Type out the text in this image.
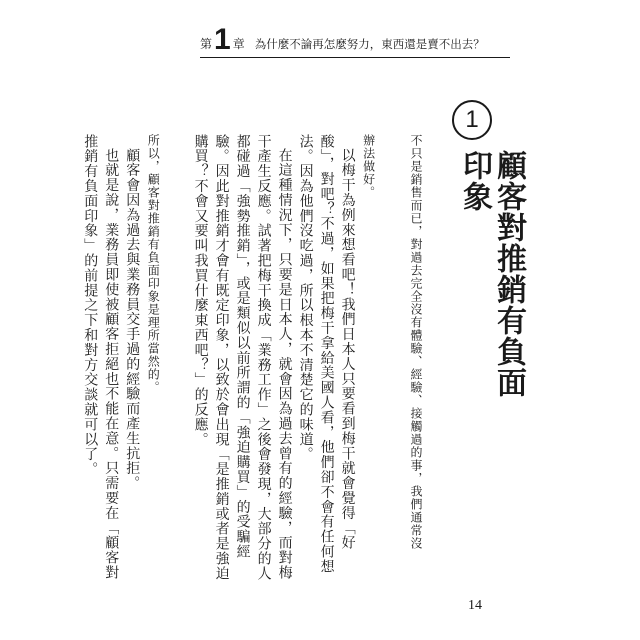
第 1 章 為什麼不論再怎麼努力，東西還是賣不出去？
1
顧客對推銷有負面印象

不只是銷售而已，對過去完全沒有體驗、經驗、接觸過的事，我們通常沒

辦法做好。

以梅干為例來想看吧！我們日本人只要看到梅干就會覺得「好酸」，對吧？不過，如果把梅干拿給美國人看，他們卻不會有任何想法。因為他們沒吃過，所以根本不清楚它的味道。

在這種情況下，只要是日本人，就會因為過去曾有的經驗，而對梅干產生反應。試著把梅干換成「業務工作」之後會發現，大部分的人都碰過「強勢推銷」，或是類似以前所謂的「強迫購買」的受騙經驗。因此對推銷才會有既定印象，以致於會出現「是推銷或者是強迫購買？不會又要叫我買什麼東西吧？」的反應。

所以，顧客對推銷有負面印象是理所當然的。

顧客會因為過去與業務員交手過的經驗而產生抗拒。

也就是說，業務員即使被顧客拒絕也不能在意。只需要在「顧客對推銷有負面印象」的前提之下和對方交談就可以了。

14
